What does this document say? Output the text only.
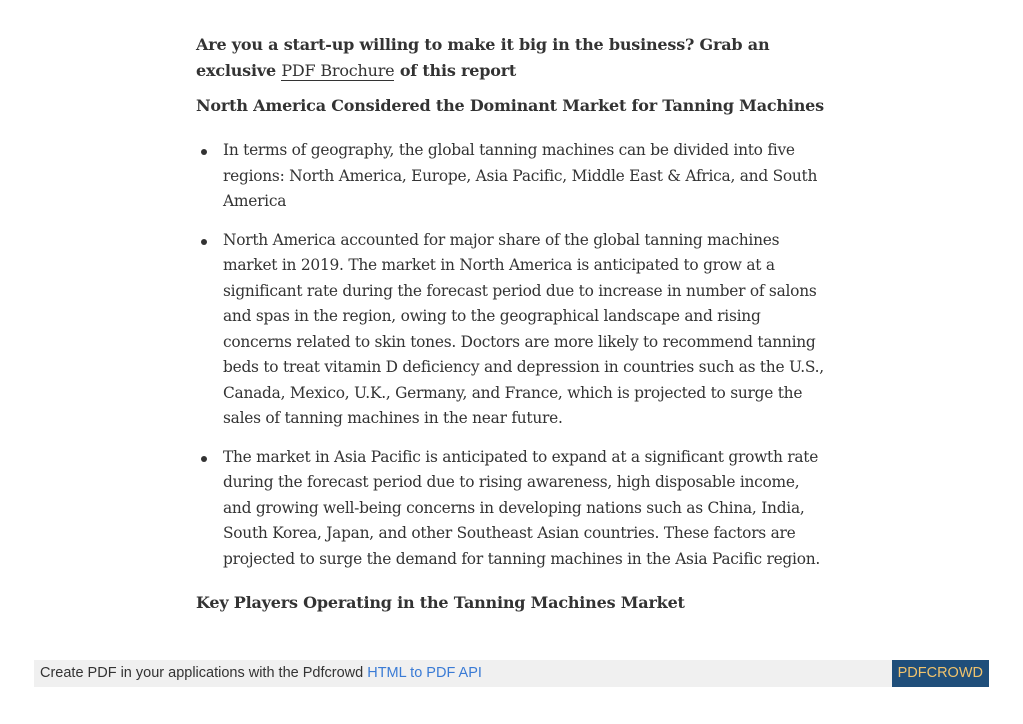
Are you a start-up willing to make it big in the business? Grab an exclusive PDF Brochure of this report

North America Considered the Dominant Market for Tanning Machines
In terms of geography, the global tanning machines can be divided into five regions: North America, Europe, Asia Pacific, Middle East & Africa, and South America
North America accounted for major share of the global tanning machines market in 2019. The market in North America is anticipated to grow at a significant rate during the forecast period due to increase in number of salons and spas in the region, owing to the geographical landscape and rising concerns related to skin tones. Doctors are more likely to recommend tanning beds to treat vitamin D deficiency and depression in countries such as the U.S., Canada, Mexico, U.K., Germany, and France, which is projected to surge the sales of tanning machines in the near future.
The market in Asia Pacific is anticipated to expand at a significant growth rate during the forecast period due to rising awareness, high disposable income, and growing well-being concerns in developing nations such as China, India, South Korea, Japan, and other Southeast Asian countries. These factors are projected to surge the demand for tanning machines in the Asia Pacific region.
Key Players Operating in the Tanning Machines Market
Create PDF in your applications with the Pdfcrowd HTML to PDF API	PDFCROWD
